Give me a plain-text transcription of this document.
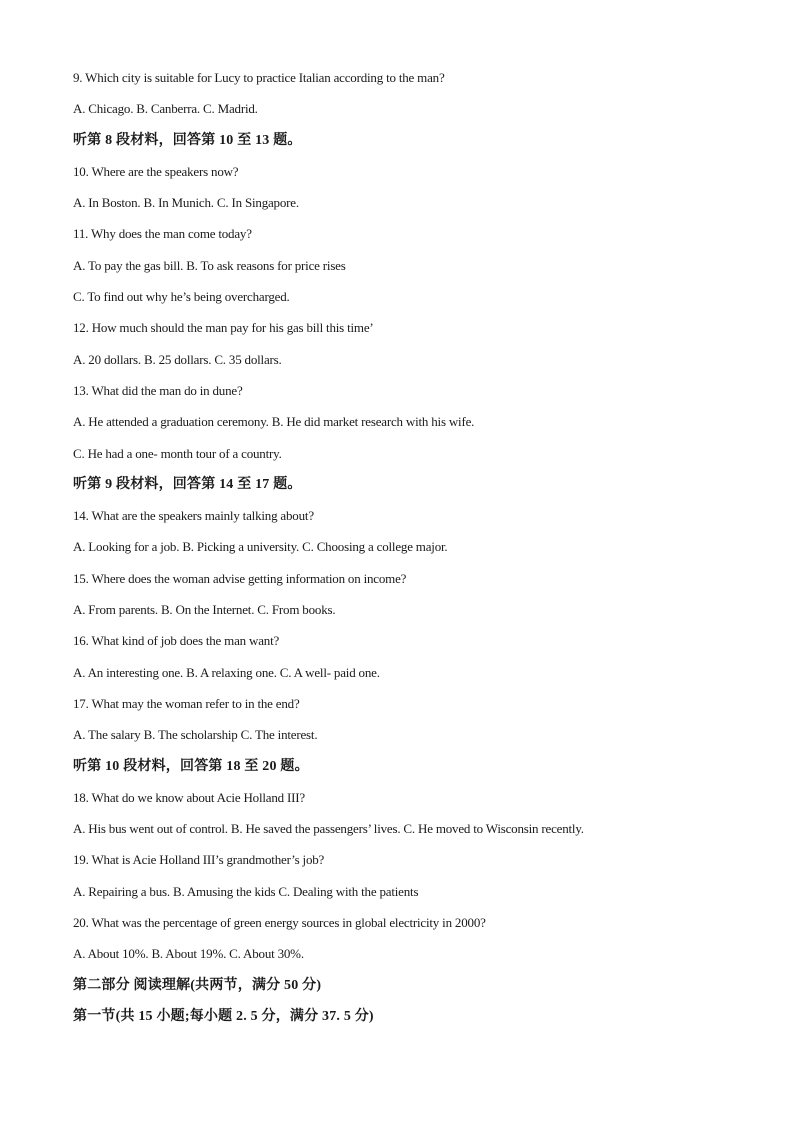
9. Which city is suitable for Lucy to practice Italian according to the man?
A. Chicago. B. Canberra. C. Madrid.
听第 8 段材料，回答第 10 至 13 题。
10. Where are the speakers now?
A. In Boston. B. In Munich. C. In Singapore.
11. Why does the man come today?
A. To pay the gas bill. B. To ask reasons for price rises
C. To find out why he’s being overcharged.
12. How much should the man pay for his gas bill this time’
A. 20 dollars. B. 25 dollars. C. 35 dollars.
13. What did the man do in dune?
A. He attended a graduation ceremony. B. He did market research with his wife.
C. He had a one- month tour of a country.
听第 9 段材料，回答第 14 至 17 题。
14. What are the speakers mainly talking about?
A. Looking for a job. B. Picking a university. C. Choosing a college major.
15. Where does the woman advise getting information on income?
A. From parents. B. On the Internet. C. From books.
16. What kind of job does the man want?
A. An interesting one. B. A relaxing one. C. A well- paid one.
17. What may the woman refer to in the end?
A. The salary B. The scholarship C. The interest.
听第 10 段材料，回答第 18 至 20 题。
18. What do we know about Acie Holland III?
A. His bus went out of control. B. He saved the passengers’ lives. C. He moved to Wisconsin recently.
19. What is Acie Holland III’s grandmother’s job?
A. Repairing a bus. B. Amusing the kids C. Dealing with the patients
20. What was the percentage of green energy sources in global electricity in 2000?
A. About 10%. B. About 19%. C. About 30%.
第二部分 阅读理解(共两节，满分 50 分)
第一节(共 15 小题;每小题 2. 5 分，满分 37. 5 分)
